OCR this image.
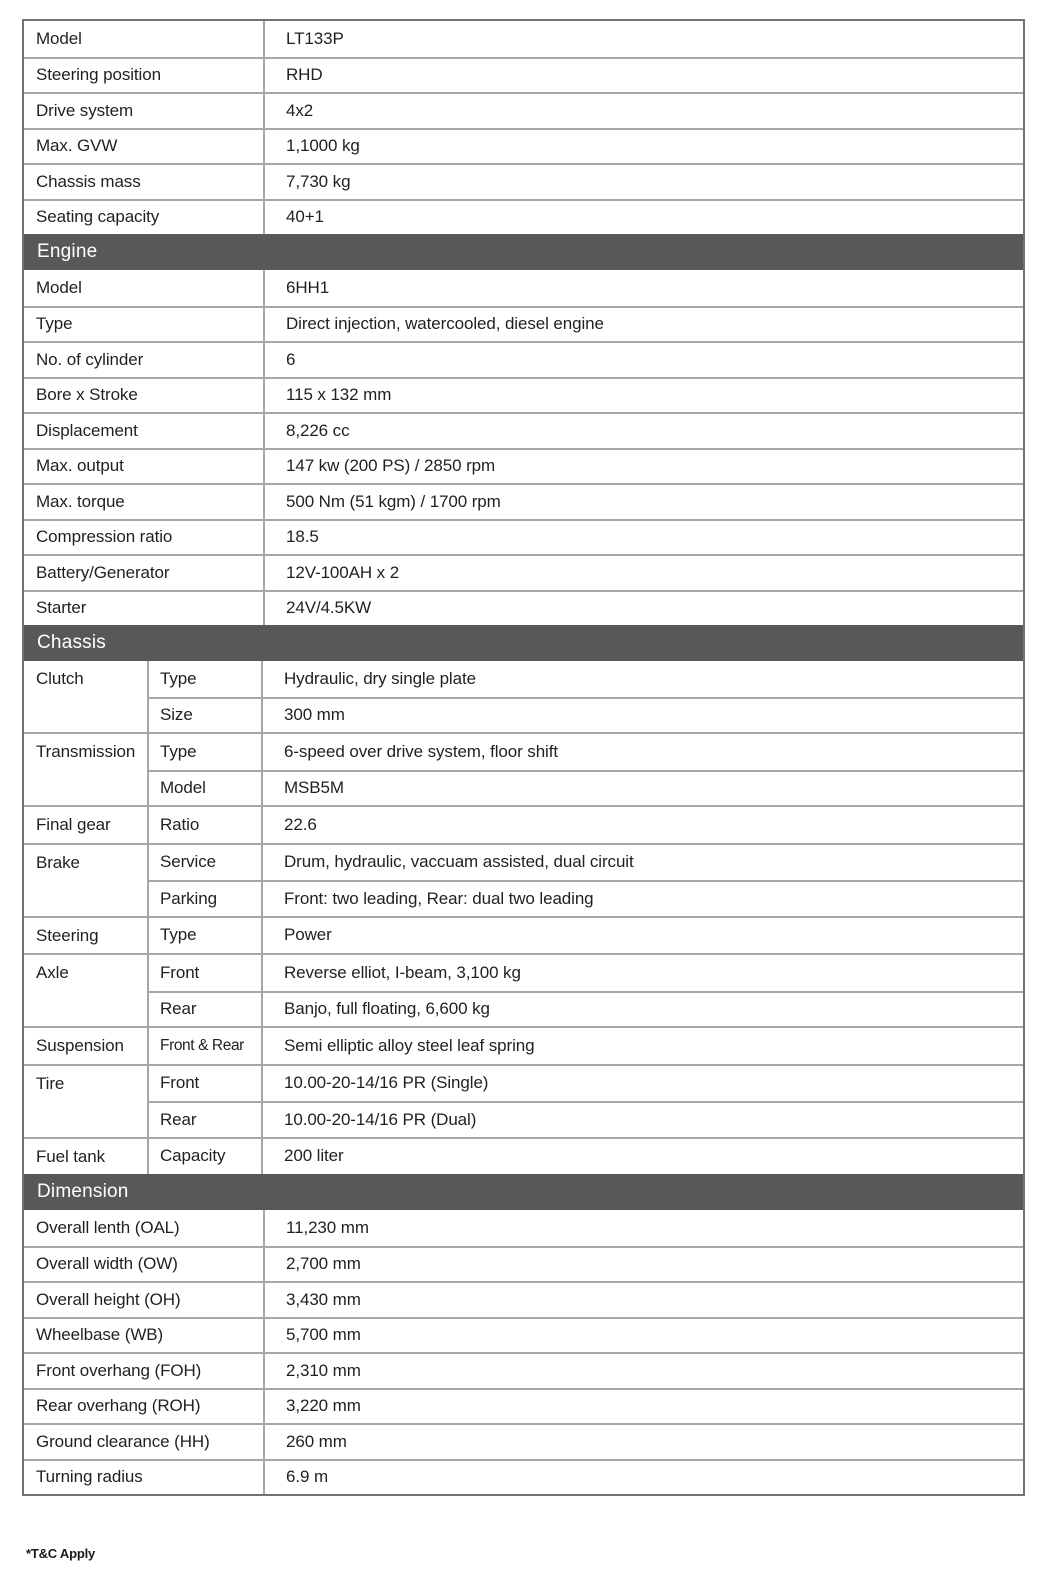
Model	LT133P
Steering position	RHD
Drive system	4x2
Max. GVW	1,1000 kg
Chassis mass	7,730 kg
Seating capacity	40+1
Engine
Model	6HH1
Type	Direct injection, watercooled, diesel engine
No. of cylinder	6
Bore x Stroke	115 x 132 mm
Displacement	8,226 cc
Max. output	147 kw (200 PS) / 2850 rpm
Max. torque	500 Nm (51 kgm) / 1700 rpm
Compression ratio	18.5
Battery/Generator	12V-100AH x 2
Starter	24V/4.5KW
Chassis
Clutch	Type	Hydraulic, dry single plate
Size	300 mm
Transmission	Type	6-speed over drive system, floor shift
Model	MSB5M
Final gear	Ratio	22.6
Brake	Service	Drum, hydraulic, vaccuam assisted, dual circuit
Parking	Front: two leading, Rear: dual two leading
Steering	Type	Power
Axle	Front	Reverse elliot, I-beam, 3,100 kg
Rear	Banjo, full floating, 6,600 kg
Suspension	Front & Rear	Semi elliptic alloy steel leaf spring
Tire	Front	10.00-20-14/16 PR (Single)
Rear	10.00-20-14/16 PR (Dual)
Fuel tank	Capacity	200 liter
Dimension
Overall lenth (OAL)	11,230 mm
Overall width (OW)	2,700 mm
Overall height (OH)	3,430 mm
Wheelbase (WB)	5,700 mm
Front overhang (FOH)	2,310 mm
Rear overhang (ROH)	3,220 mm
Ground clearance (HH)	260 mm
Turning radius	6.9 m
*T&C Apply
